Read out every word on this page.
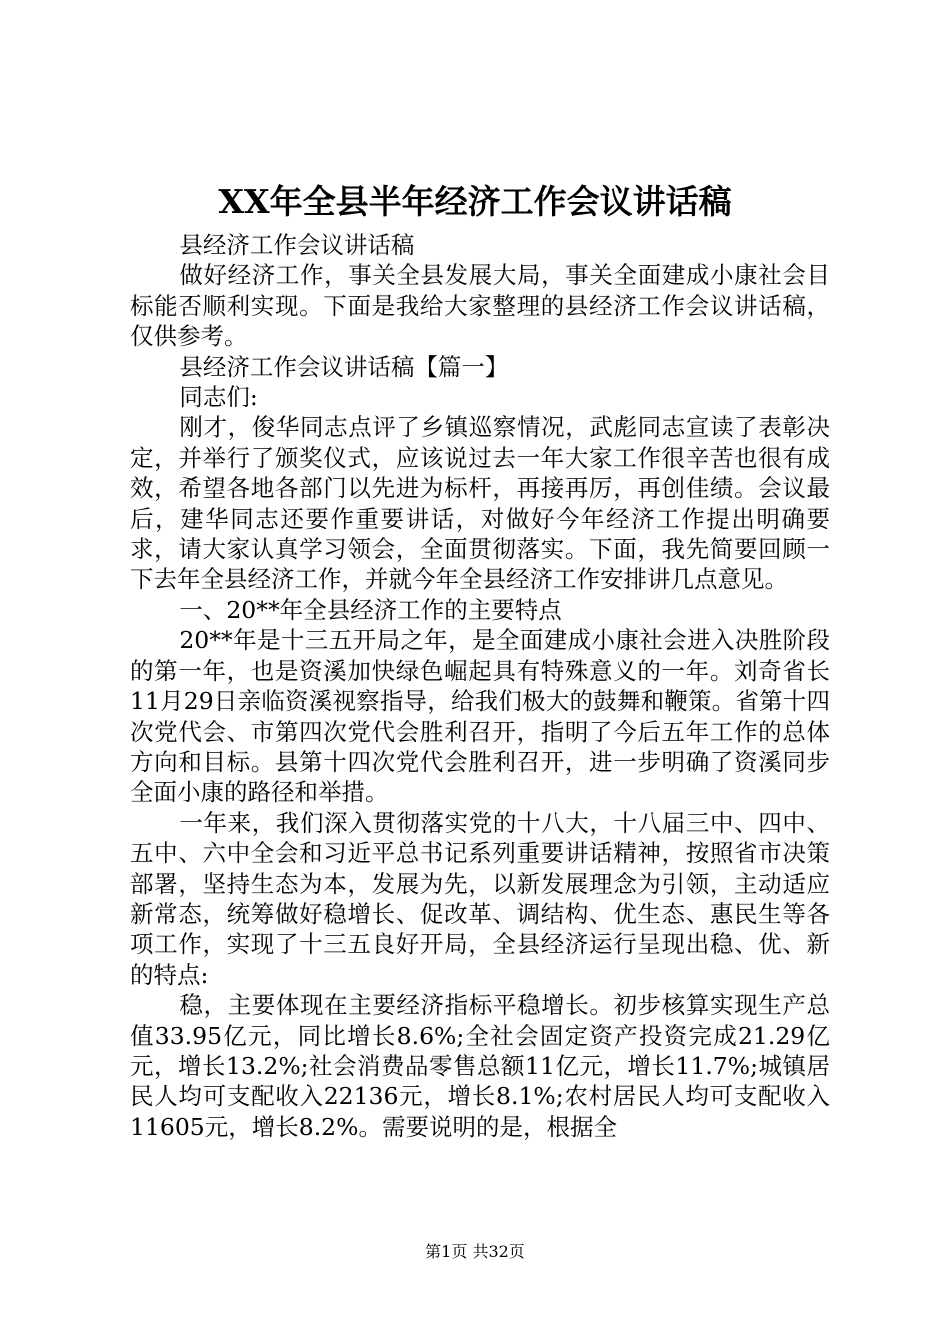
XX年全县半年经济工作会议讲话稿

县经济工作会议讲话稿

做好经济工作，事关全县发展大局，事关全面建成小康社会目标能否顺利实现。下面是我给大家整理的县经济工作会议讲话稿，仅供参考。

县经济工作会议讲话稿【篇一】

同志们:

刚才，俊华同志点评了乡镇巡察情况，武彪同志宣读了表彰决定，并举行了颁奖仪式，应该说过去一年大家工作很辛苦也很有成效，希望各地各部门以先进为标杆，再接再厉，再创佳绩。会议最后，建华同志还要作重要讲话，对做好今年经济工作提出明确要求，请大家认真学习领会，全面贯彻落实。下面，我先简要回顾一下去年全县经济工作，并就今年全县经济工作安排讲几点意见。

一、20**年全县经济工作的主要特点

20**年是十三五开局之年，是全面建成小康社会进入决胜阶段的第一年，也是资溪加快绿色崛起具有特殊意义的一年。刘奇省长11月29日亲临资溪视察指导，给我们极大的鼓舞和鞭策。省第十四次党代会、市第四次党代会胜利召开，指明了今后五年工作的总体方向和目标。县第十四次党代会胜利召开，进一步明确了资溪同步全面小康的路径和举措。

一年来，我们深入贯彻落实党的十八大，十八届三中、四中、五中、六中全会和习近平总书记系列重要讲话精神，按照省市决策部署，坚持生态为本，发展为先，以新发展理念为引领，主动适应新常态，统筹做好稳增长、促改革、调结构、优生态、惠民生等各项工作，实现了十三五良好开局，全县经济运行呈现出稳、优、新的特点:

稳，主要体现在主要经济指标平稳增长。初步核算实现生产总值33.95亿元，同比增长8.6%;全社会固定资产投资完成21.29亿元，增长13.2%;社会消费品零售总额11亿元，增长11.7%;城镇居民人均可支配收入22136元，增长8.1%;农村居民人均可支配收入11605元，增长8.2%。需要说明的是，根据全

第1页 共32页
